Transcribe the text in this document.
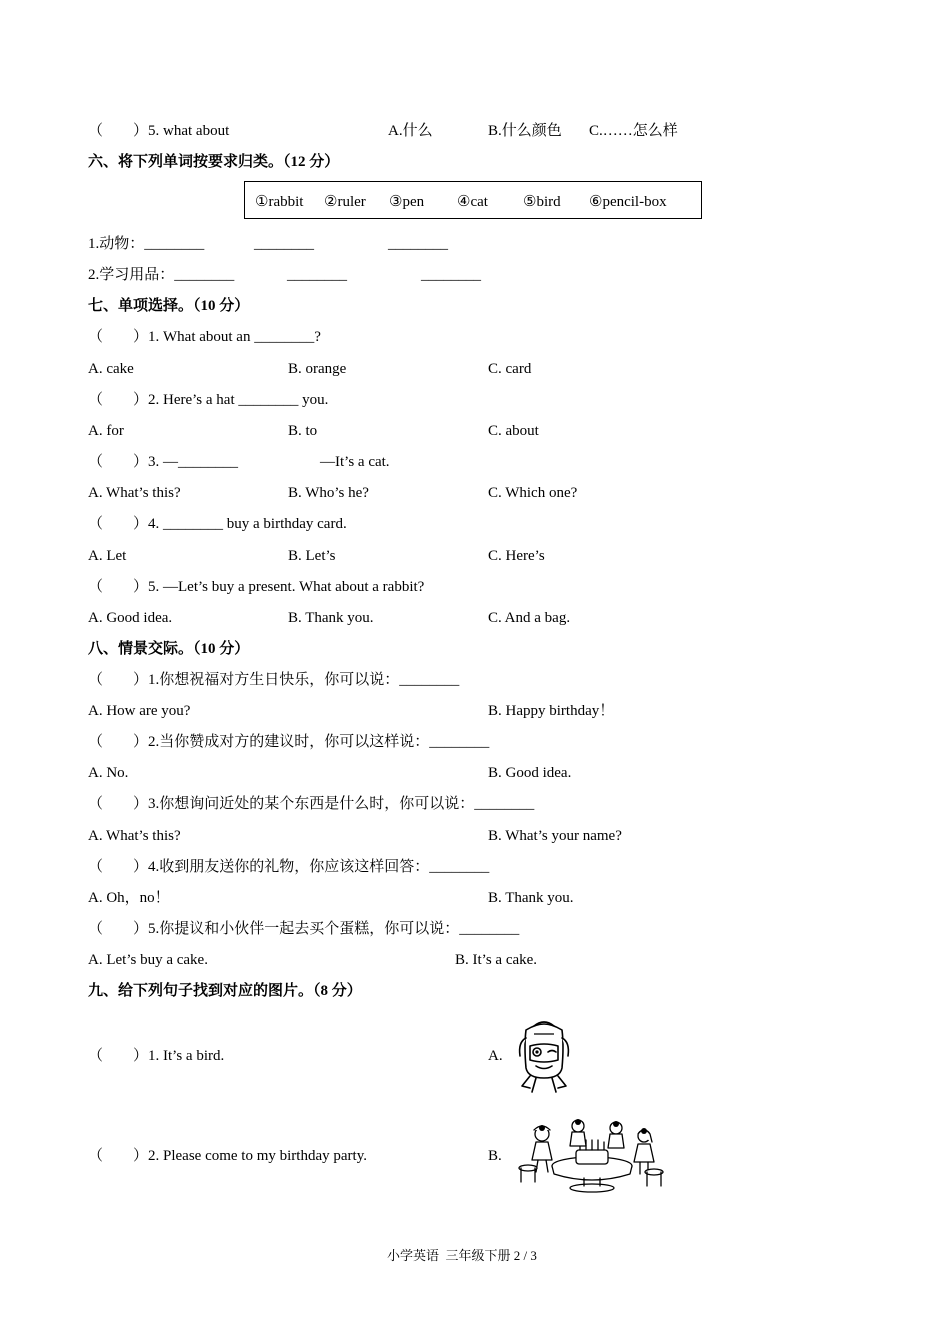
（　　）5. what about	A.什么	B.什么颜色 C.……怎么样
六、将下列单词按要求归类。（12 分）
①rabbit ②ruler ③pen ④cat ⑤bird ⑥pencil-box
1.动物：________	________	________
2.学习用品：________	________	________
七、单项选择。（10 分）
（　　）1. What about an ________?
A. cake	B. orange	C. card
（　　）2. Here’s a hat ________ you.
A. for	B. to	C. about
（　　）3. —________	—It’s a cat.
A. What’s this?	B. Who’s he?	C. Which one?
（　　）4. ________ buy a birthday card.
A. Let	B. Let’s	C. Here’s
（　　）5. —Let’s buy a present. What about a rabbit?
A. Good idea.	B. Thank you.	C. And a bag.
八、情景交际。（10 分）
（　　）1.你想祝福对方生日快乐，你可以说：________
A. How are you?	B. Happy birthday！
（　　）2.当你赞成对方的建议时，你可以这样说：________
A. No.	B. Good idea.
（　　）3.你想询问近处的某个东西是什么时，你可以说：________
A. What’s this?	B. What’s your name?
（　　）4.收到朋友送你的礼物，你应该这样回答：________
A. Oh，no！	B. Thank you.
（　　）5.你提议和小伙伴一起去买个蛋糕，你可以说：________
A. Let’s buy a cake.	B. It’s a cake.
九、给下列句子找到对应的图片。（8 分）
（　　）1. It’s a bird.	A.
（　　）2. Please come to my birthday party.	B.
小学英语  三年级下册 2 / 3
